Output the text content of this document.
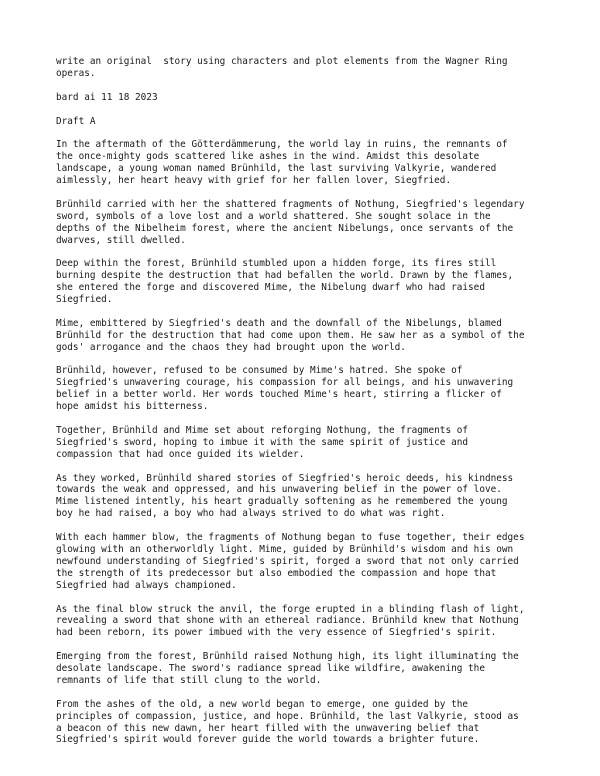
write an original  story using characters and plot elements from the Wagner Ring
operas.

bard ai 11 18 2023

Draft A

In the aftermath of the Götterdämmerung, the world lay in ruins, the remnants of
the once-mighty gods scattered like ashes in the wind. Amidst this desolate
landscape, a young woman named Brünhild, the last surviving Valkyrie, wandered
aimlessly, her heart heavy with grief for her fallen lover, Siegfried.

Brünhild carried with her the shattered fragments of Nothung, Siegfried's legendary
sword, symbols of a love lost and a world shattered. She sought solace in the
depths of the Nibelheim forest, where the ancient Nibelungs, once servants of the
dwarves, still dwelled.

Deep within the forest, Brünhild stumbled upon a hidden forge, its fires still
burning despite the destruction that had befallen the world. Drawn by the flames,
she entered the forge and discovered Mime, the Nibelung dwarf who had raised
Siegfried.

Mime, embittered by Siegfried's death and the downfall of the Nibelungs, blamed
Brünhild for the destruction that had come upon them. He saw her as a symbol of the
gods' arrogance and the chaos they had brought upon the world.

Brünhild, however, refused to be consumed by Mime's hatred. She spoke of
Siegfried's unwavering courage, his compassion for all beings, and his unwavering
belief in a better world. Her words touched Mime's heart, stirring a flicker of
hope amidst his bitterness.

Together, Brünhild and Mime set about reforging Nothung, the fragments of
Siegfried's sword, hoping to imbue it with the same spirit of justice and
compassion that had once guided its wielder.

As they worked, Brünhild shared stories of Siegfried's heroic deeds, his kindness
towards the weak and oppressed, and his unwavering belief in the power of love.
Mime listened intently, his heart gradually softening as he remembered the young
boy he had raised, a boy who had always strived to do what was right.

With each hammer blow, the fragments of Nothung began to fuse together, their edges
glowing with an otherworldly light. Mime, guided by Brünhild's wisdom and his own
newfound understanding of Siegfried's spirit, forged a sword that not only carried
the strength of its predecessor but also embodied the compassion and hope that
Siegfried had always championed.

As the final blow struck the anvil, the forge erupted in a blinding flash of light,
revealing a sword that shone with an ethereal radiance. Brünhild knew that Nothung
had been reborn, its power imbued with the very essence of Siegfried's spirit.

Emerging from the forest, Brünhild raised Nothung high, its light illuminating the
desolate landscape. The sword's radiance spread like wildfire, awakening the
remnants of life that still clung to the world.

From the ashes of the old, a new world began to emerge, one guided by the
principles of compassion, justice, and hope. Brünhild, the last Valkyrie, stood as
a beacon of this new dawn, her heart filled with the unwavering belief that
Siegfried's spirit would forever guide the world towards a brighter future.
